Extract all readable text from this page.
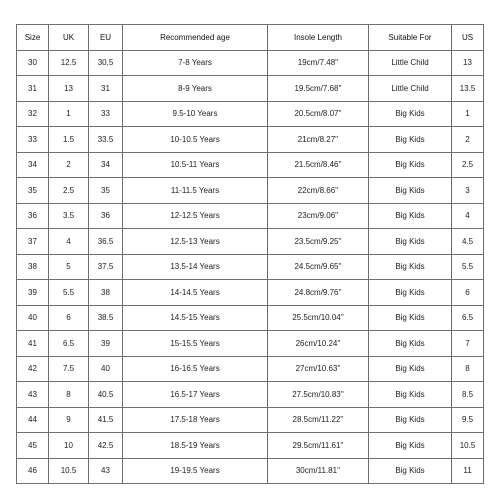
Size	UK	EU	Recommended age	Insole Length	Suitable For	US
30	12.5	30.5	7-8 Years	19cm/7.48''	Little Child	13
31	13	31	8-9 Years	19.5cm/7.68''	Little Child	13.5
32	1	33	9.5-10 Years	20.5cm/8.07''	Big Kids	1
33	1.5	33.5	10-10.5 Years	21cm/8.27''	Big Kids	2
34	2	34	10.5-11 Years	21.5cm/8.46''	Big Kids	2.5
35	2.5	35	11-11.5 Years	22cm/8.66''	Big Kids	3
36	3.5	36	12-12.5 Years	23cm/9.06''	Big Kids	4
37	4	36.5	12.5-13 Years	23.5cm/9.25''	Big Kids	4.5
38	5	37.5	13.5-14 Years	24.5cm/9.65''	Big Kids	5.5
39	5.5	38	14-14.5 Years	24.8cm/9.76''	Big Kids	6
40	6	38.5	14.5-15 Years	25.5cm/10.04''	Big Kids	6.5
41	6.5	39	15-15.5 Years	26cm/10.24''	Big Kids	7
42	7.5	40	16-16.5 Years	27cm/10.63''	Big Kids	8
43	8	40.5	16.5-17 Years	27.5cm/10.83''	Big Kids	8.5
44	9	41.5	17.5-18 Years	28.5cm/11.22''	Big Kids	9.5
45	10	42.5	18.5-19 Years	29.5cm/11.61''	Big Kids	10.5
46	10.5	43	19-19.5 Years	30cm/11.81''	Big Kids	11
